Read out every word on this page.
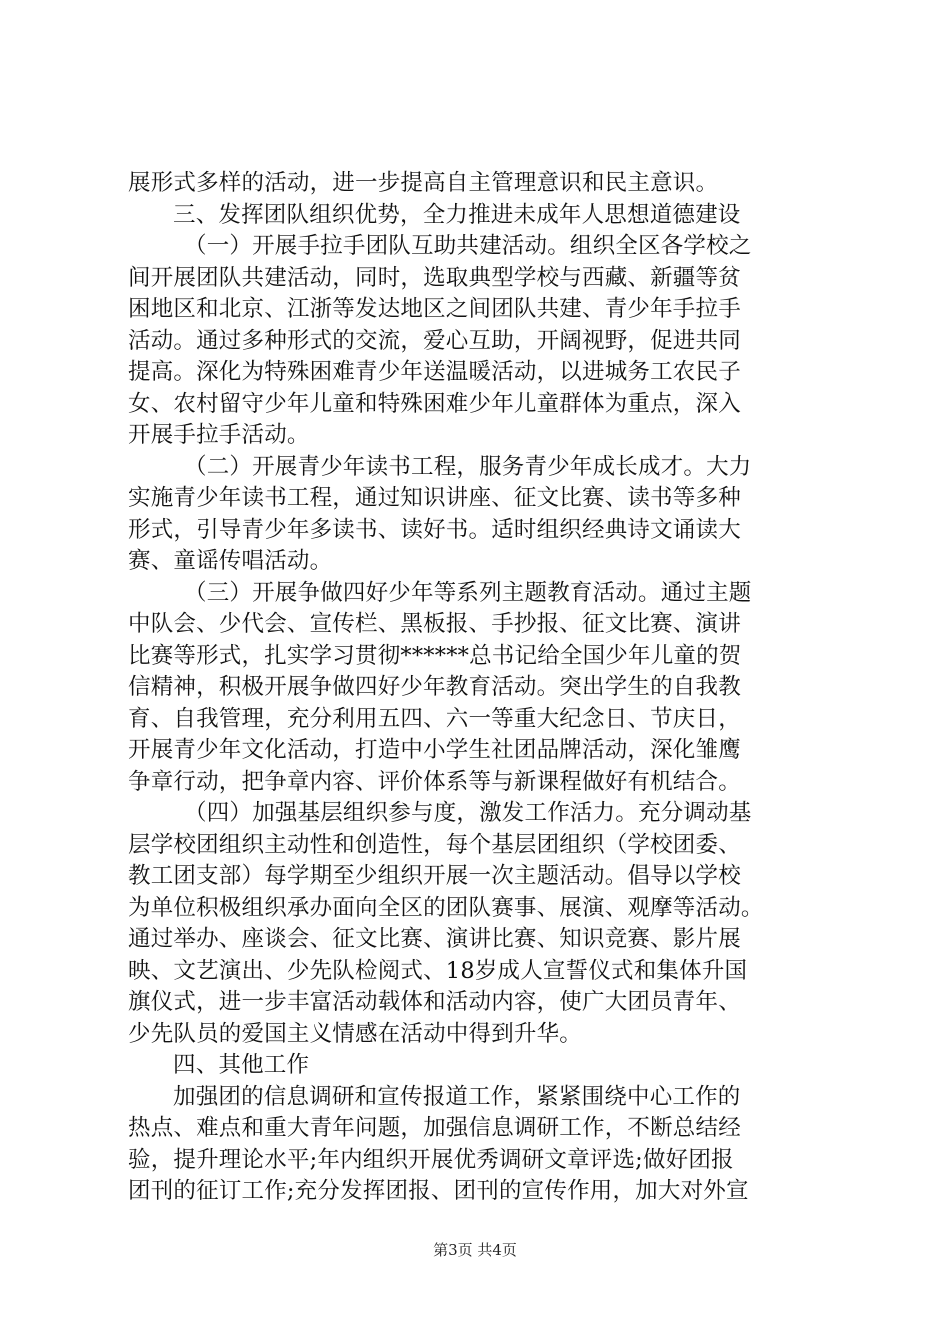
展形式多样的活动，进一步提高自主管理意识和民主意识。
三、发挥团队组织优势，全力推进未成年人思想道德建设
（一）开展手拉手团队互助共建活动。组织全区各学校之
间开展团队共建活动，同时，选取典型学校与西藏、新疆等贫
困地区和北京、江浙等发达地区之间团队共建、青少年手拉手
活动。通过多种形式的交流，爱心互助，开阔视野，促进共同
提高。深化为特殊困难青少年送温暖活动，以进城务工农民子
女、农村留守少年儿童和特殊困难少年儿童群体为重点，深入
开展手拉手活动。
（二）开展青少年读书工程，服务青少年成长成才。大力
实施青少年读书工程，通过知识讲座、征文比赛、读书等多种
形式，引导青少年多读书、读好书。适时组织经典诗文诵读大
赛、童谣传唱活动。
（三）开展争做四好少年等系列主题教育活动。通过主题
中队会、少代会、宣传栏、黑板报、手抄报、征文比赛、演讲
比赛等形式，扎实学习贯彻******总书记给全国少年儿童的贺
信精神，积极开展争做四好少年教育活动。突出学生的自我教
育、自我管理，充分利用五四、六一等重大纪念日、节庆日，
开展青少年文化活动，打造中小学生社团品牌活动，深化雏鹰
争章行动，把争章内容、评价体系等与新课程做好有机结合。
（四）加强基层组织参与度，激发工作活力。充分调动基
层学校团组织主动性和创造性，每个基层团组织（学校团委、
教工团支部）每学期至少组织开展一次主题活动。倡导以学校
为单位积极组织承办面向全区的团队赛事、展演、观摩等活动。
通过举办、座谈会、征文比赛、演讲比赛、知识竞赛、影片展
映、文艺演出、少先队检阅式、18岁成人宣誓仪式和集体升国
旗仪式，进一步丰富活动载体和活动内容，使广大团员青年、
少先队员的爱国主义情感在活动中得到升华。
四、其他工作
加强团的信息调研和宣传报道工作，紧紧围绕中心工作的
热点、难点和重大青年问题，加强信息调研工作，不断总结经
验，提升理论水平;年内组织开展优秀调研文章评选;做好团报
团刊的征订工作;充分发挥团报、团刊的宣传作用，加大对外宣
第3页 共4页
